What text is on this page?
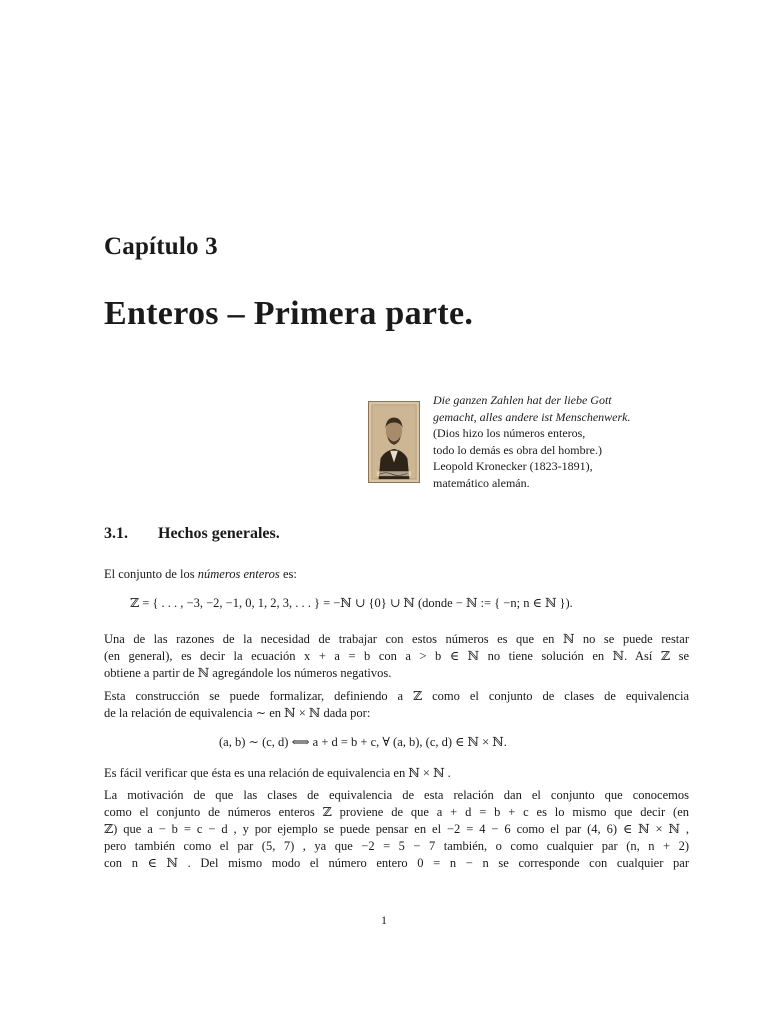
Capítulo 3
Enteros – Primera parte.
Die ganzen Zahlen hat der liebe Gott
gemacht, alles andere ist Menschenwerk.
(Dios hizo los números enteros,
todo lo demás es obra del hombre.)
Leopold Kronecker (1823-1891),
matemático alemán.
3.1. Hechos generales.
El conjunto de los números enteros es:
ℤ = { . . . , −3, −2, −1, 0, 1, 2, 3, . . . } = −ℕ ∪ {0} ∪ ℕ (donde − ℕ := { −n; n ∈ ℕ }).
Una de las razones de la necesidad de trabajar con estos números es que en ℕ no se puede restar
(en general), es decir la ecuación x + a = b con a > b ∈ ℕ no tiene solución en ℕ. Así ℤ se
obtiene a partir de ℕ agregándole los números negativos.
Esta construcción se puede formalizar, definiendo a ℤ como el conjunto de clases de equivalencia
de la relación de equivalencia ∼ en ℕ × ℕ dada por:
(a, b) ∼ (c, d) ⟺ a + d = b + c, ∀ (a, b), (c, d) ∈ ℕ × ℕ.
Es fácil verificar que ésta es una relación de equivalencia en ℕ × ℕ .
La motivación de que las clases de equivalencia de esta relación dan el conjunto que conocemos
como el conjunto de números enteros ℤ proviene de que a + d = b + c es lo mismo que decir (en
ℤ) que a − b = c − d , y por ejemplo se puede pensar en el −2 = 4 − 6 como el par (4, 6) ∈ ℕ × ℕ ,
pero también como el par (5, 7) , ya que −2 = 5 − 7 también, o como cualquier par (n, n + 2)
con n ∈ ℕ . Del mismo modo el número entero 0 = n − n se corresponde con cualquier par
1
